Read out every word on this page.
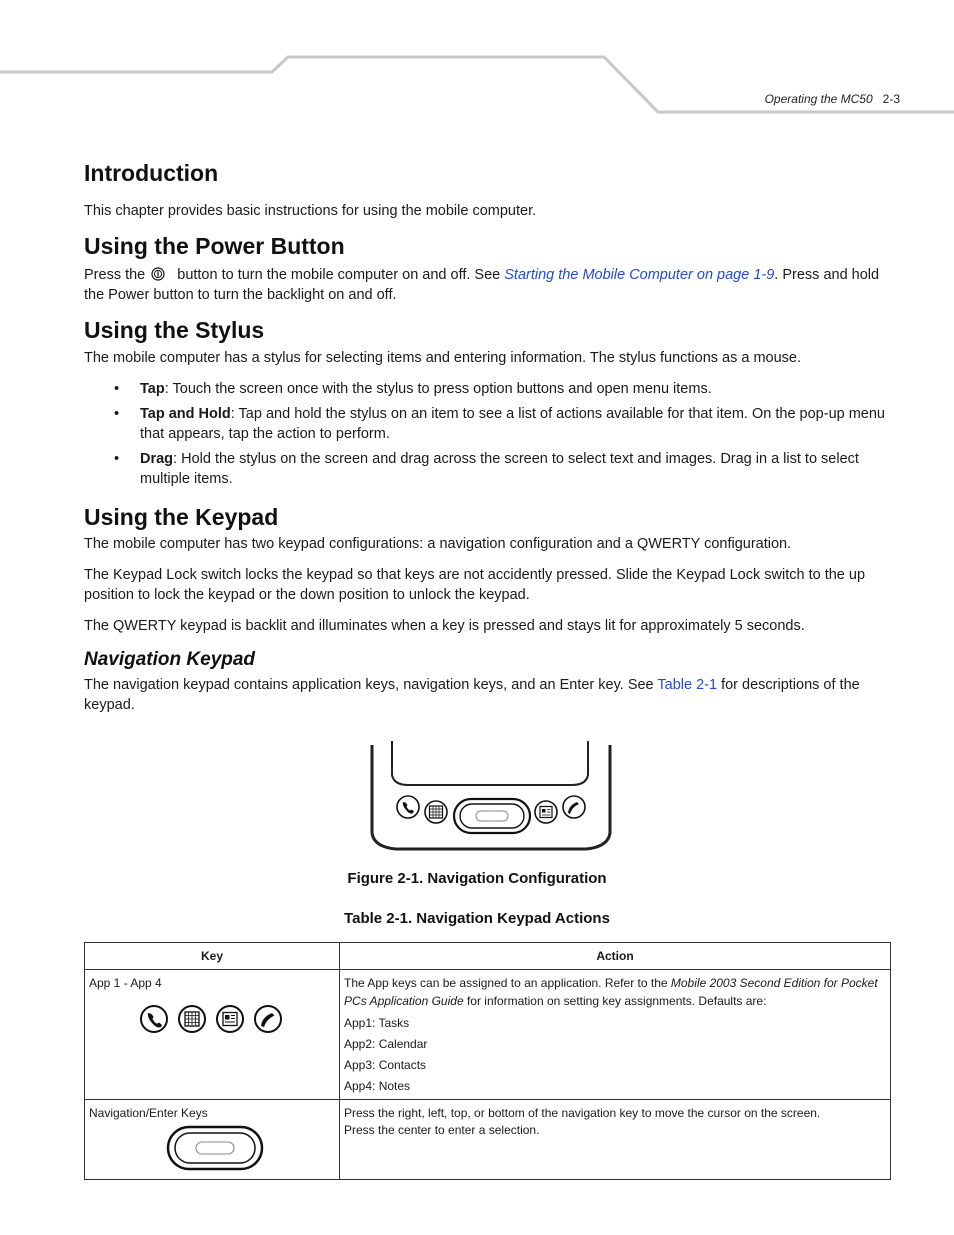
Operating the MC50 2-3
Introduction

This chapter provides basic instructions for using the mobile computer.

Using the Power Button

Press the button to turn the mobile computer on and off. See Starting the Mobile Computer on page 1-9. Press and hold the Power button to turn the backlight on and off.

Using the Stylus

The mobile computer has a stylus for selecting items and entering information. The stylus functions as a mouse.

• Tap: Touch the screen once with the stylus to press option buttons and open menu items.
• Tap and Hold: Tap and hold the stylus on an item to see a list of actions available for that item. On the pop-up menu that appears, tap the action to perform.
• Drag: Hold the stylus on the screen and drag across the screen to select text and images. Drag in a list to select multiple items.
Using the Keypad

The mobile computer has two keypad configurations: a navigation configuration and a QWERTY configuration.

The Keypad Lock switch locks the keypad so that keys are not accidently pressed. Slide the Keypad Lock switch to the up position to lock the keypad or the down position to unlock the keypad.

The QWERTY keypad is backlit and illuminates when a key is pressed and stays lit for approximately 5 seconds.

Navigation Keypad

The navigation keypad contains application keys, navigation keys, and an Enter key. See Table 2-1 for descriptions of the keypad.

Figure 2-1. Navigation Configuration
Table 2-1. Navigation Keypad Actions
Key	Action

App 1 - App 4	The App keys can be assigned to an application. Refer to the Mobile 2003 Second Edition for Pocket PCs Application Guide for information on setting key assignments. Defaults are:
App1: Tasks
App2: Calendar
App3: Contacts
App4: Notes

Navigation/Enter Keys	Press the right, left, top, or bottom of the navigation key to move the cursor on the screen.
Press the center to enter a selection.
